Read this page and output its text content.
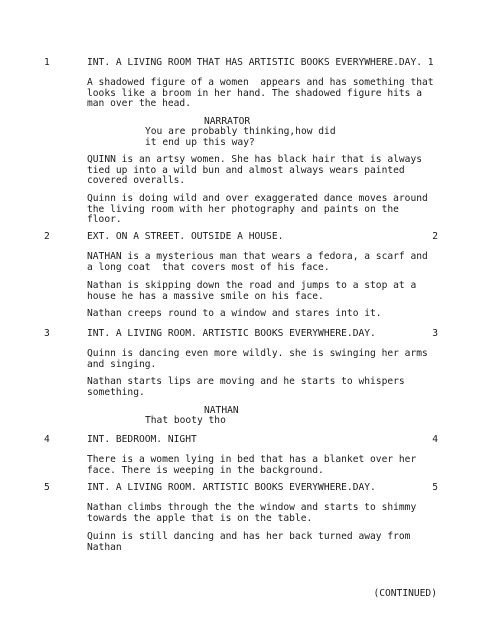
1	INT. A LIVING ROOM THAT HAS ARTISTIC BOOKS EVERYWHERE.DAY. 1
A shadowed figure of a women  appears and has something that
looks like a broom in her hand. The shadowed figure hits a
man over the head.
NARRATOR
You are probably thinking,how did
it end up this way?
QUINN is an artsy women. She has black hair that is always
tied up into a wild bun and almost always wears painted
covered overalls.
Quinn is doing wild and over exaggerated dance moves around
the living room with her photography and paints on the
floor.
2	EXT. ON A STREET. OUTSIDE A HOUSE.	2
NATHAN is a mysterious man that wears a fedora, a scarf and
a long coat  that covers most of his face.
Nathan is skipping down the road and jumps to a stop at a
house he has a massive smile on his face.
Nathan creeps round to a window and stares into it.
3	INT. A LIVING ROOM. ARTISTIC BOOKS EVERYWHERE.DAY.	3
Quinn is dancing even more wildly. she is swinging her arms
and singing.
Nathan starts lips are moving and he starts to whispers
something.
NATHAN
That booty tho
4	INT. BEDROOM. NIGHT	4
There is a women lying in bed that has a blanket over her
face. There is weeping in the background.
5	INT. A LIVING ROOM. ARTISTIC BOOKS EVERYWHERE.DAY.	5
Nathan climbs through the the window and starts to shimmy
towards the apple that is on the table.
Quinn is still dancing and has her back turned away from
Nathan
(CONTINUED)
